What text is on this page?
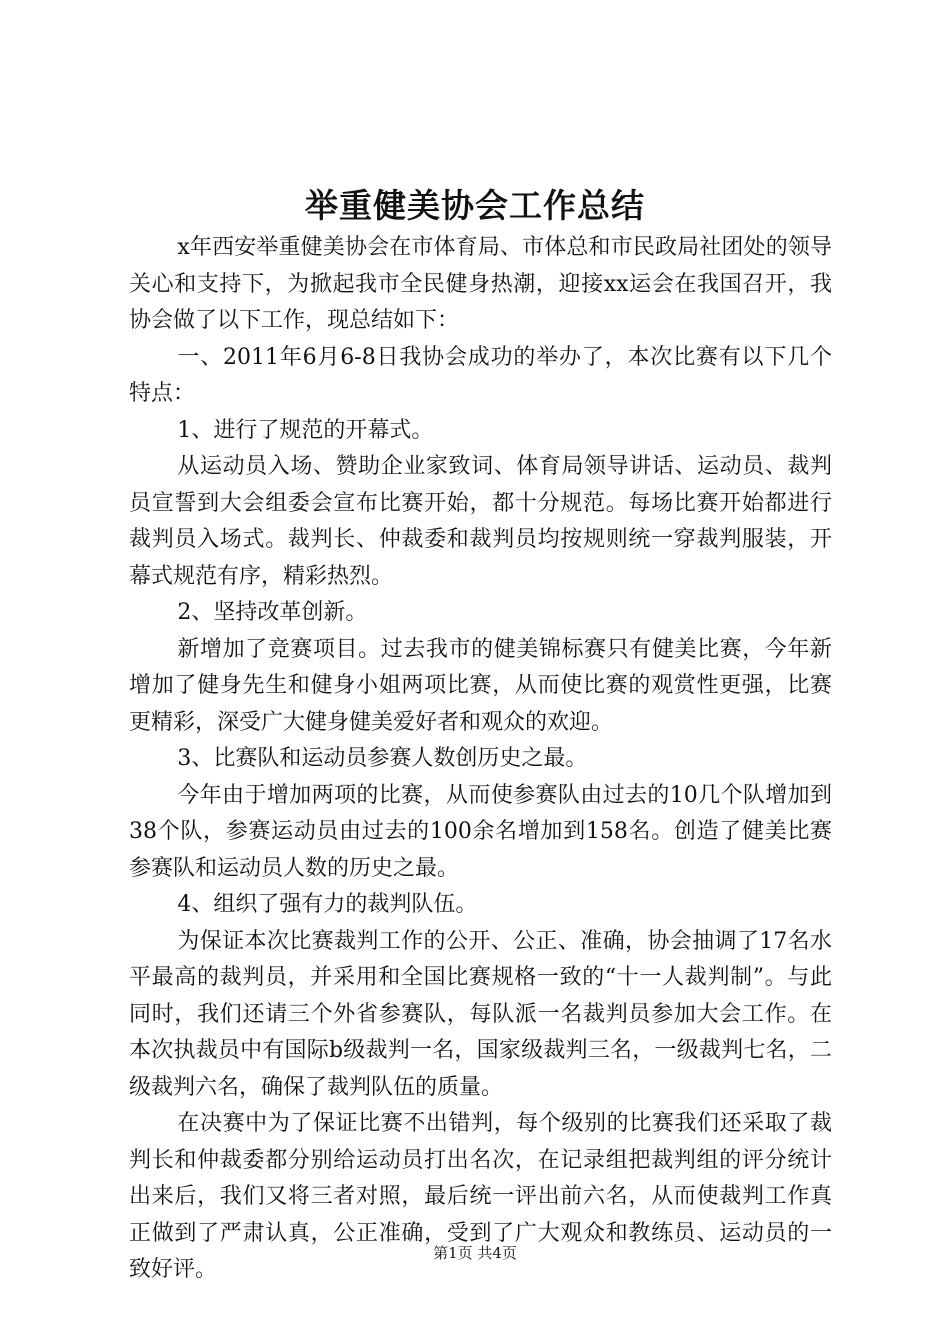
举重健美协会工作总结

x年西安举重健美协会在市体育局、市体总和市民政局社团处的领导关心和支持下，为掀起我市全民健身热潮，迎接xx运会在我国召开，我协会做了以下工作，现总结如下：

一、2011年6月6-8日我协会成功的举办了，本次比赛有以下几个特点：

1、进行了规范的开幕式。

从运动员入场、赞助企业家致词、体育局领导讲话、运动员、裁判员宣誓到大会组委会宣布比赛开始，都十分规范。每场比赛开始都进行裁判员入场式。裁判长、仲裁委和裁判员均按规则统一穿裁判服装，开幕式规范有序，精彩热烈。

2、坚持改革创新。

新增加了竞赛项目。过去我市的健美锦标赛只有健美比赛，今年新增加了健身先生和健身小姐两项比赛，从而使比赛的观赏性更强，比赛更精彩，深受广大健身健美爱好者和观众的欢迎。

3、比赛队和运动员参赛人数创历史之最。

今年由于增加两项的比赛，从而使参赛队由过去的10几个队增加到38个队，参赛运动员由过去的100余名增加到158名。创造了健美比赛参赛队和运动员人数的历史之最。

4、组织了强有力的裁判队伍。

为保证本次比赛裁判工作的公开、公正、准确，协会抽调了17名水平最高的裁判员，并采用和全国比赛规格一致的“十一人裁判制”。与此同时，我们还请三个外省参赛队，每队派一名裁判员参加大会工作。在本次执裁员中有国际b级裁判一名，国家级裁判三名，一级裁判七名，二级裁判六名，确保了裁判队伍的质量。

在决赛中为了保证比赛不出错判，每个级别的比赛我们还采取了裁判长和仲裁委都分别给运动员打出名次，在记录组把裁判组的评分统计出来后，我们又将三者对照，最后统一评出前六名，从而使裁判工作真正做到了严肃认真，公正准确，受到了广大观众和教练员、运动员的一致好评。

第1页 共4页
